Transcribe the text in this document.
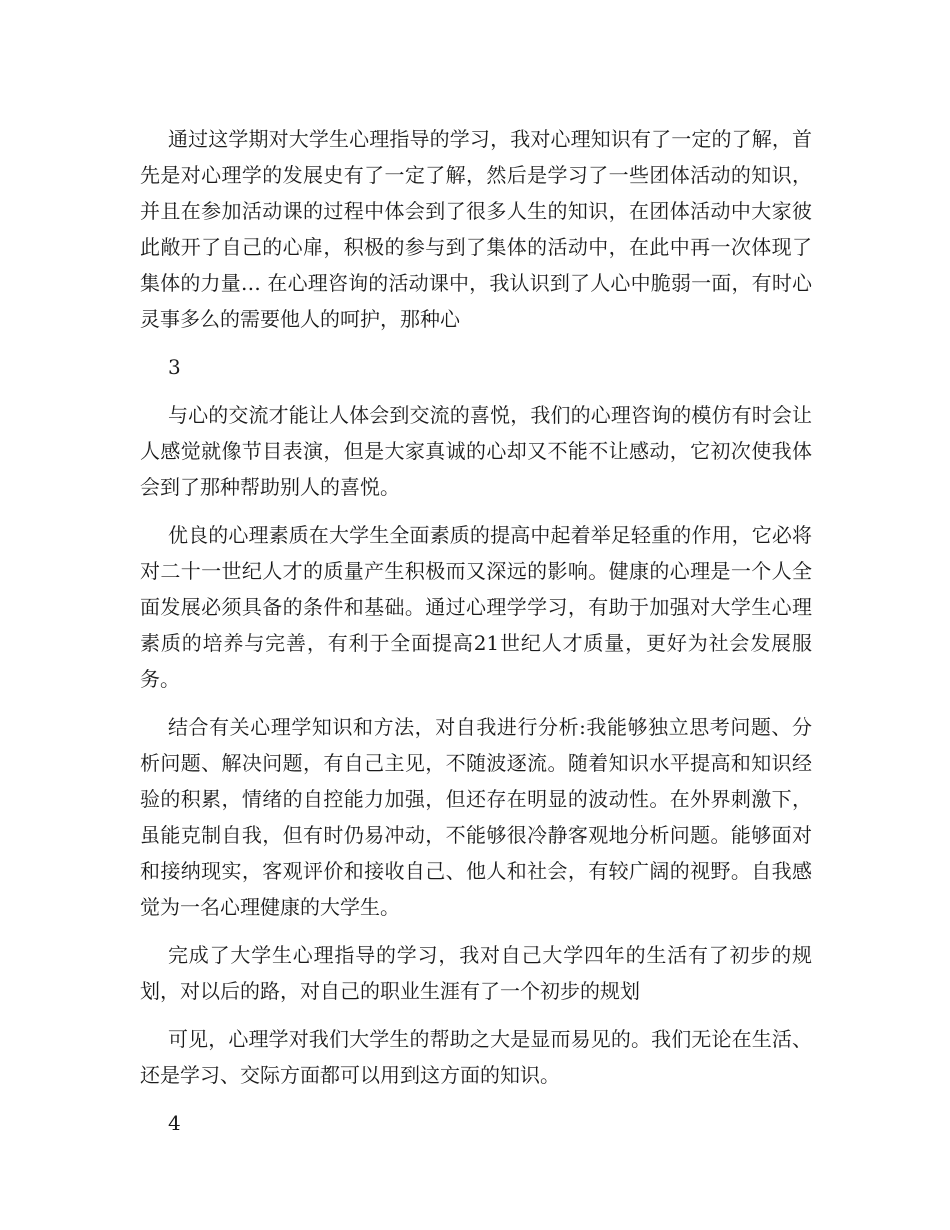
通过这学期对大学生心理指导的学习，我对心理知识有了一定的了解，首先是对心理学的发展史有了一定了解，然后是学习了一些团体活动的知识，并且在参加活动课的过程中体会到了很多人生的知识，在团体活动中大家彼此敞开了自己的心扉，积极的参与到了集体的活动中，在此中再一次体现了集体的力量… 在心理咨询的活动课中，我认识到了人心中脆弱一面，有时心灵事多么的需要他人的呵护，那种心

3

与心的交流才能让人体会到交流的喜悦，我们的心理咨询的模仿有时会让人感觉就像节目表演，但是大家真诚的心却又不能不让感动，它初次使我体会到了那种帮助别人的喜悦。

优良的心理素质在大学生全面素质的提高中起着举足轻重的作用，它必将对二十一世纪人才的质量产生积极而又深远的影响。健康的心理是一个人全面发展必须具备的条件和基础。通过心理学学习，有助于加强对大学生心理素质的培养与完善，有利于全面提高21世纪人才质量，更好为社会发展服务。

结合有关心理学知识和方法，对自我进行分析:我能够独立思考问题、分析问题、解决问题，有自己主见，不随波逐流。随着知识水平提高和知识经验的积累，情绪的自控能力加强，但还存在明显的波动性。在外界刺激下，虽能克制自我，但有时仍易冲动，不能够很冷静客观地分析问题。能够面对和接纳现实，客观评价和接收自己、他人和社会，有较广阔的视野。自我感觉为一名心理健康的大学生。

完成了大学生心理指导的学习，我对自己大学四年的生活有了初步的规划，对以后的路，对自己的职业生涯有了一个初步的规划

可见，心理学对我们大学生的帮助之大是显而易见的。我们无论在生活、还是学习、交际方面都可以用到这方面的知识。

4
